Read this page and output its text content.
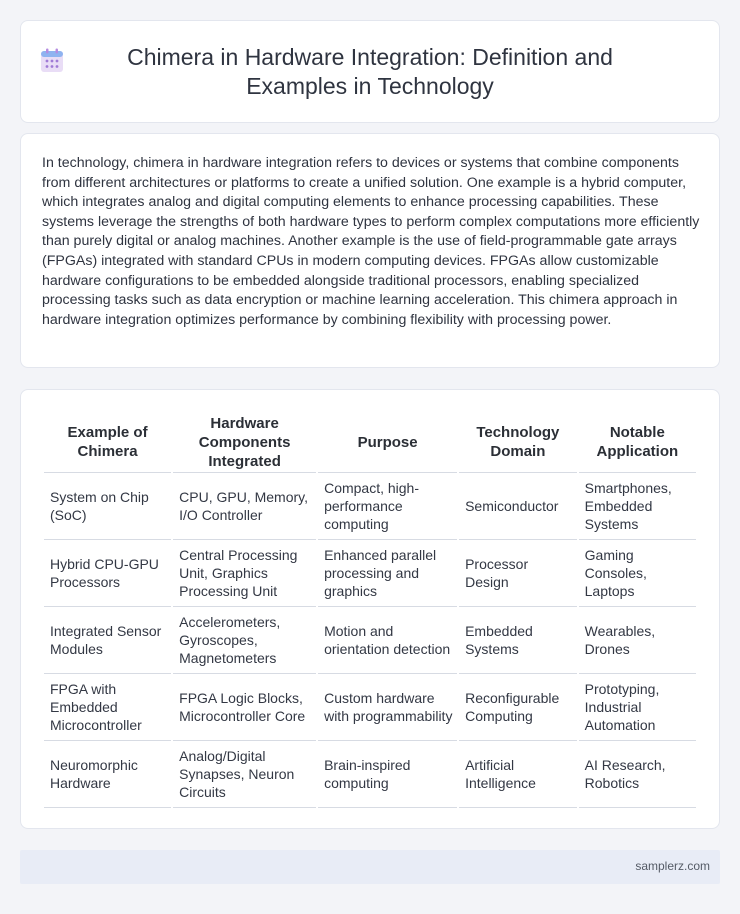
Chimera in Hardware Integration: Definition and Examples in Technology

In technology, chimera in hardware integration refers to devices or systems that combine components from different architectures or platforms to create a unified solution. One example is a hybrid computer, which integrates analog and digital computing elements to enhance processing capabilities. These systems leverage the strengths of both hardware types to perform complex computations more efficiently than purely digital or analog machines. Another example is the use of field-programmable gate arrays (FPGAs) integrated with standard CPUs in modern computing devices. FPGAs allow customizable hardware configurations to be embedded alongside traditional processors, enabling specialized processing tasks such as data encryption or machine learning acceleration. This chimera approach in hardware integration optimizes performance by combining flexibility with processing power.

Example of Chimera	Hardware Components Integrated	Purpose	Technology Domain	Notable Application
System on Chip (SoC)	CPU, GPU, Memory, I/O Controller	Compact, high-performance computing	Semiconductor	Smartphones, Embedded Systems
Hybrid CPU-GPU Processors	Central Processing Unit, Graphics Processing Unit	Enhanced parallel processing and graphics	Processor Design	Gaming Consoles, Laptops
Integrated Sensor Modules	Accelerometers, Gyroscopes, Magnetometers	Motion and orientation detection	Embedded Systems	Wearables, Drones
FPGA with Embedded Microcontroller	FPGA Logic Blocks, Microcontroller Core	Custom hardware with programmability	Reconfigurable Computing	Prototyping, Industrial Automation
Neuromorphic Hardware	Analog/Digital Synapses, Neuron Circuits	Brain-inspired computing	Artificial Intelligence	AI Research, Robotics
samplerz.com
